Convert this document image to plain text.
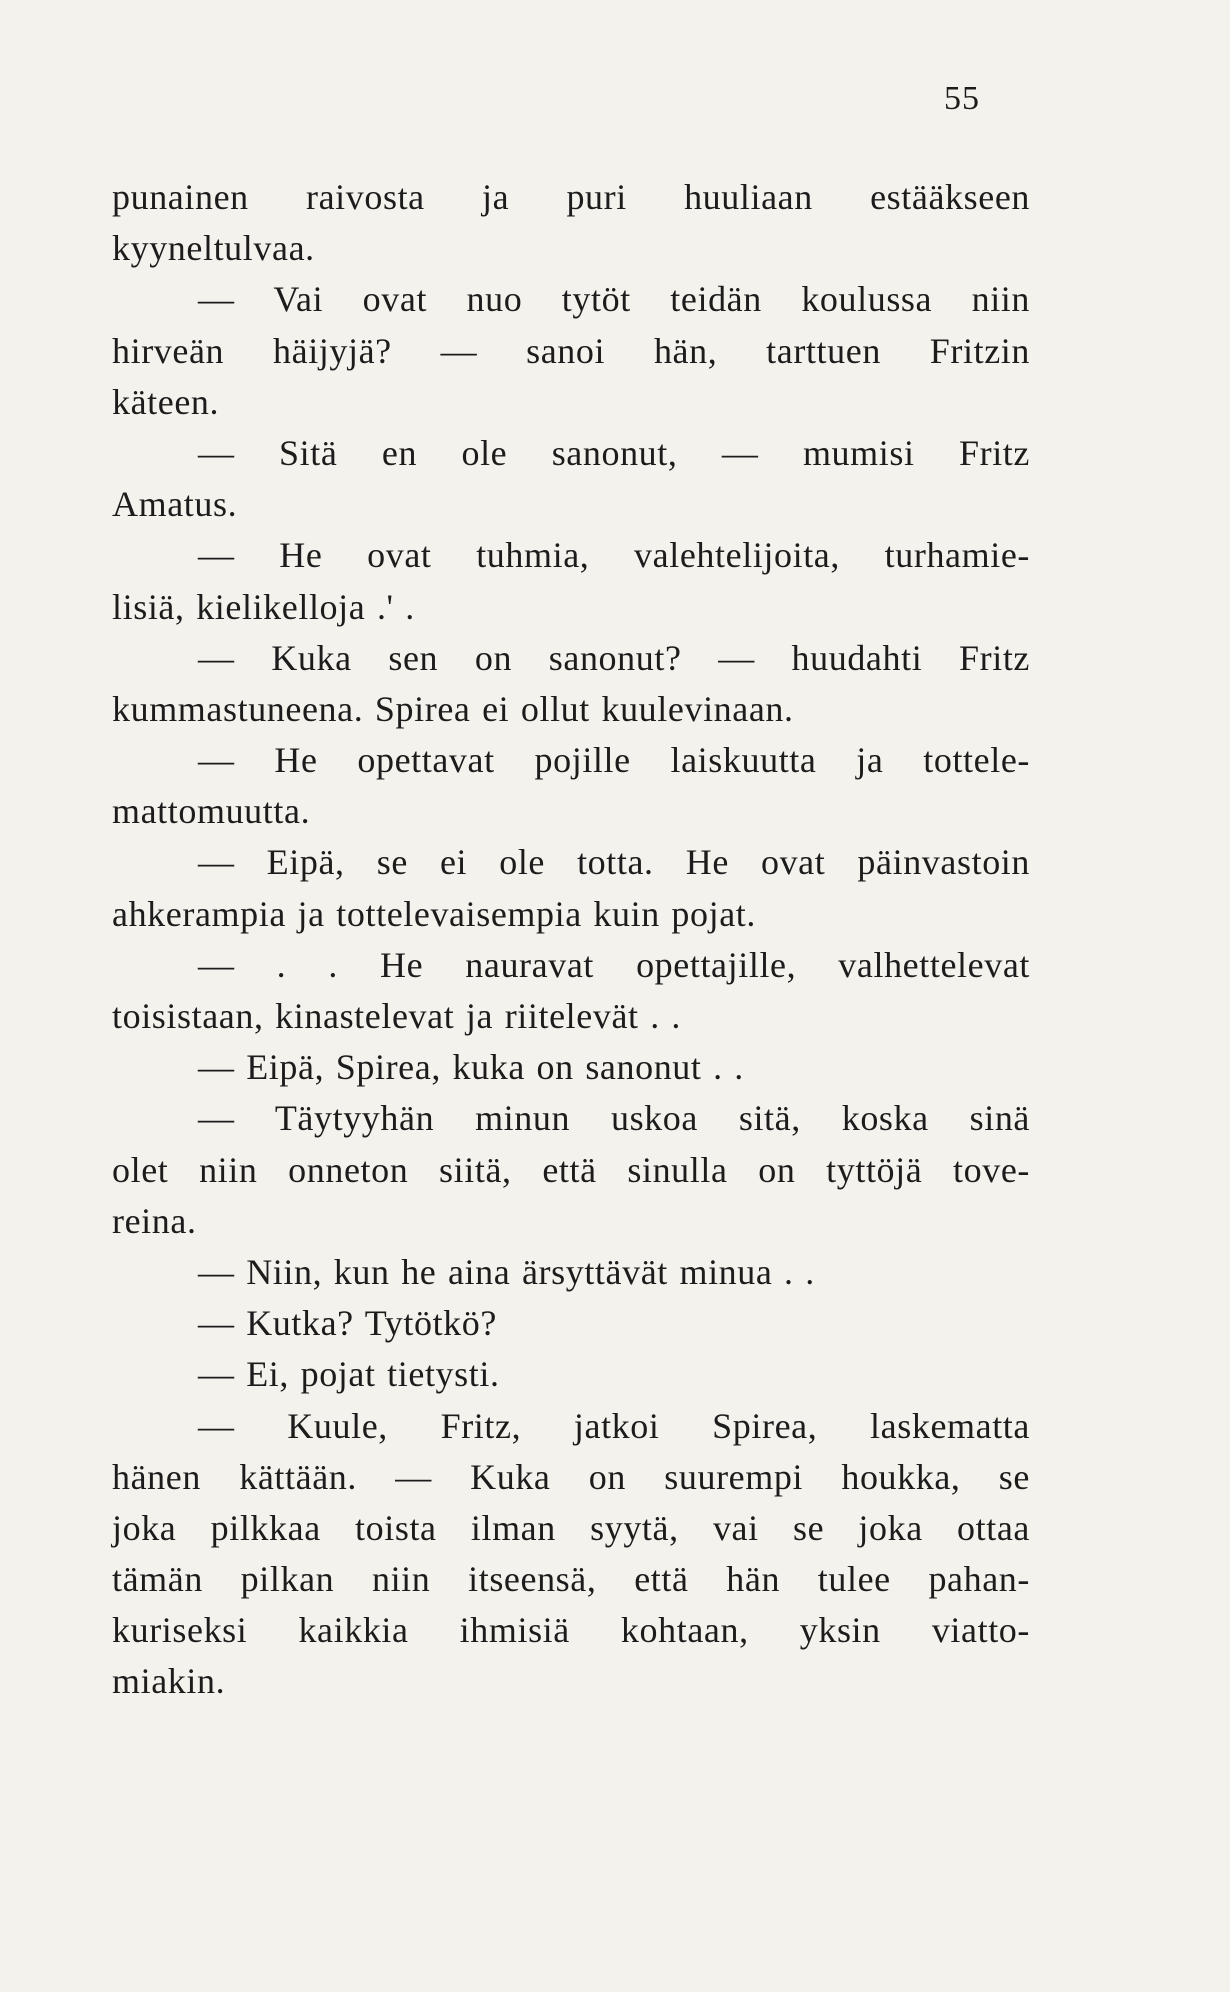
55
punainen raivosta ja puri huuliaan estääkseen
kyyneltulvaa.
— Vai ovat nuo tytöt teidän koulussa niin
hirveän häijyjä? — sanoi hän, tarttuen Fritzin
käteen.
— Sitä en ole sanonut, — mumisi Fritz
Amatus.
— He ovat tuhmia, valehtelijoita, turhamie-
lisiä, kielikelloja .' .
— Kuka sen on sanonut? — huudahti Fritz
kummastuneena. Spirea ei ollut kuulevinaan.
— He opettavat pojille laiskuutta ja tottele-
mattomuutta.
— Eipä, se ei ole totta. He ovat päinvastoin
ahkerampia ja tottelevaisempia kuin pojat.
— . . He nauravat opettajille, valhettelevat
toisistaan, kinastelevat ja riitelevät . .
— Eipä, Spirea, kuka on sanonut . .
— Täytyyhän minun uskoa sitä, koska sinä
olet niin onneton siitä, että sinulla on tyttöjä tove-
reina.
— Niin, kun he aina ärsyttävät minua . .
— Kutka? Tytötkö?
— Ei, pojat tietysti.
— Kuule, Fritz, jatkoi Spirea, laskematta
hänen kättään. — Kuka on suurempi houkka, se
joka pilkkaa toista ilman syytä, vai se joka ottaa
tämän pilkan niin itseensä, että hän tulee pahan-
kuriseksi kaikkia ihmisiä kohtaan, yksin viatto-
miakin.
